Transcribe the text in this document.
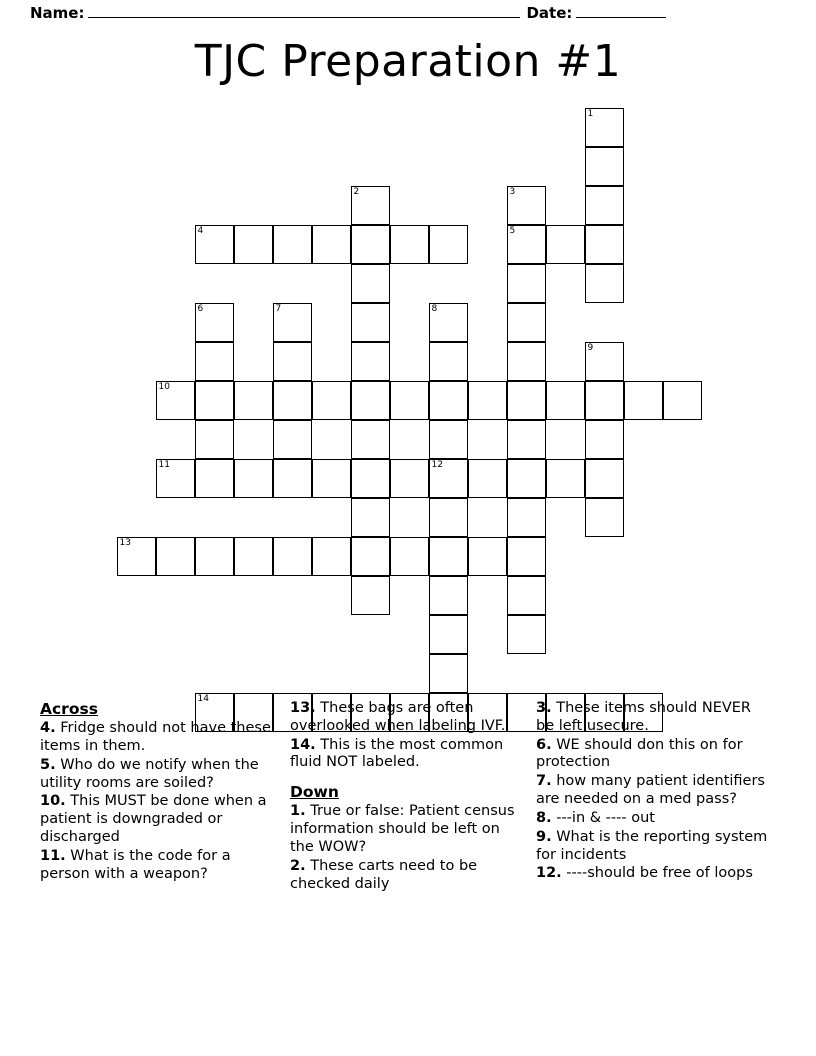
Name:	Date:
TJC Preparation #1
1
2	3
4	5
6	7	8
9
10
11	12
13
14
Across
4. Fridge should not have these items in them.
5. Who do we notify when the utility rooms are soiled?
10. This MUST be done when a patient is downgraded or discharged
11. What is the code for a person with a weapon?
13. These bags are often overlooked when labeling IVF.
14. This is the most common fluid NOT labeled.
Down
1. True or false: Patient census information should be left on the WOW?
2. These carts need to be checked daily
3. These items should NEVER be left usecure.
6. WE should don this on for protection
7. how many patient identifiers are needed on a med pass?
8. ---in & ---- out
9. What is the reporting system for incidents
12. ----should be free of loops
